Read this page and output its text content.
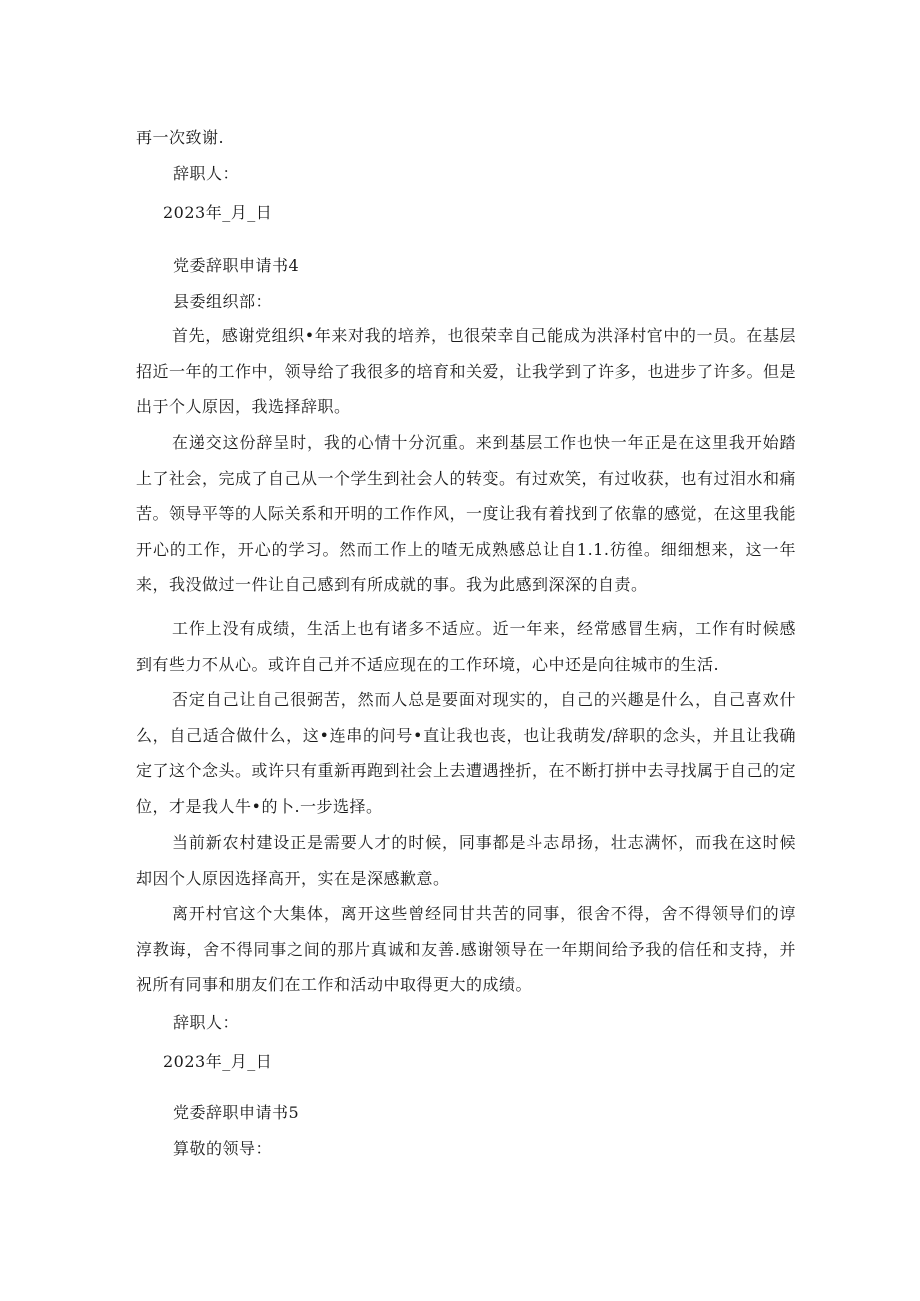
再一次致谢.
辞职人：
2023年_月_日
党委辞职申请书4
县委组织部：

首先，感谢党组织•年来对我的培养，也很荣幸自己能成为洪泽村官中的一员。在基层招近一年的工作中，领导给了我很多的培育和关爱，让我学到了许多，也进步了许多。但是出于个人原因，我选择辞职。

在递交这份辞呈时，我的心情十分沉重。来到基层工作也快一年正是在这里我开始踏上了社会，完成了自己从一个学生到社会人的转变。有过欢笑，有过收获，也有过泪水和痛苦。领导平等的人际关系和开明的工作作风，一度让我有着找到了依靠的感觉，在这里我能开心的工作，开心的学习。然而工作上的喳无成熟感总让自1.1.彷徨。细细想来，这一年来，我没做过一件让自己感到有所成就的事。我为此感到深深的自责。

工作上没有成绩，生活上也有诸多不适应。近一年来，经常感冒生病，工作有时候感到有些力不从心。或许自己并不适应现在的工作环境，心中还是向往城市的生活.

否定自己让自己很弼苦，然而人总是要面对现实的，自己的兴趣是什么，自己喜欢什么，自己适合做什么，这•连串的问号•直让我也丧，也让我萌发/辞职的念头，并且让我确定了这个念头。或许只有重新再跑到社会上去遭遇挫折，在不断打拼中去寻找属于自己的定位，才是我人牛•的卜.一步选择。

当前新农村建设正是需要人才的时候，同事都是斗志昂扬，壮志满怀，而我在这时候却因个人原因选择高开，实在是深感歉意。

离开村官这个大集体，离开这些曾经同甘共苦的同事，很舍不得，舍不得领导们的谆淳教诲，舍不得同事之间的那片真诚和友善.感谢领导在一年期间给予我的信任和支持，并祝所有同事和朋友们在工作和活动中取得更大的成绩。

辞职人：
2023年_月_日
党委辞职申请书5
算敬的领导：
